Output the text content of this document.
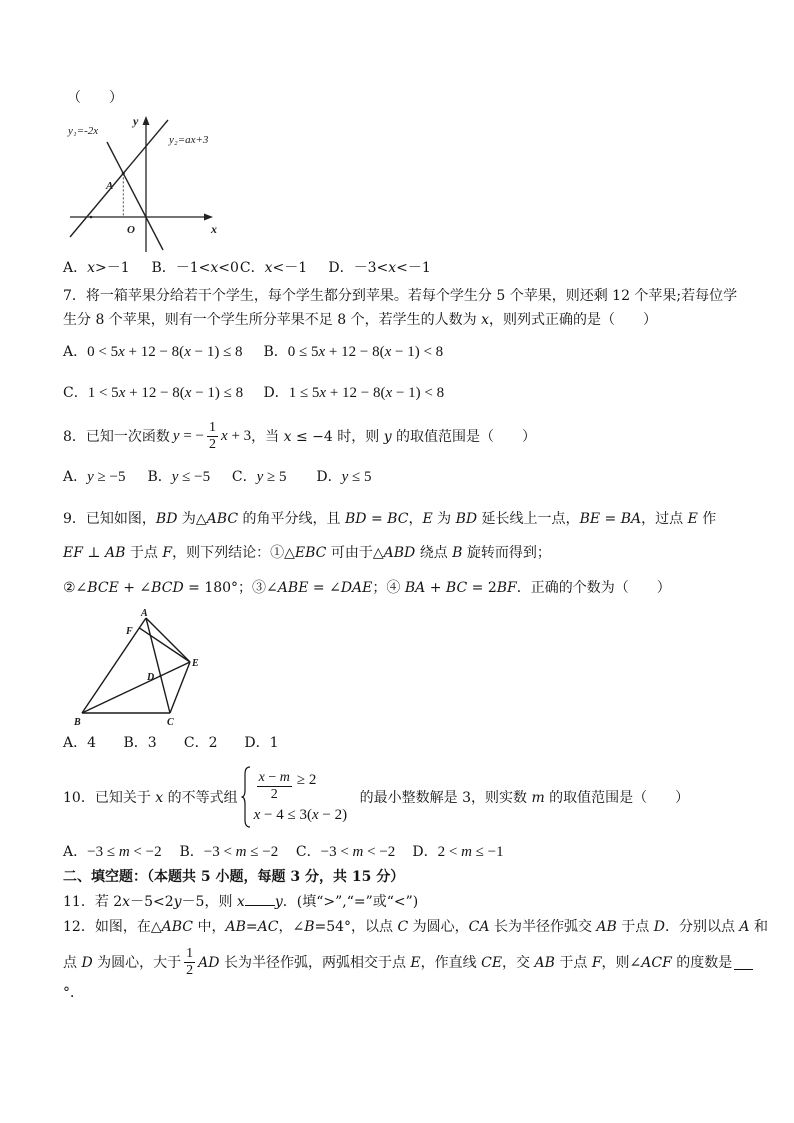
（　　）
y₁=-2x
y₂=ax+3
y
x
A
O
A．x>－1 B．－1<x<0 C．x<－1 D．－3<x<－1
7．将一箱苹果分给若干个学生，每个学生都分到苹果。若每个学生分 5 个苹果，则还剩 12 个苹果;若每位学
生分 8 个苹果，则有一个学生所分苹果不足 8 个，若学生的人数为 x，则列式正确的是（　　）
A．0 < 5x + 12 − 8(x − 1) ≤ 8 B．0 ≤ 5x + 12 − 8(x − 1) < 8
C．1 < 5x + 12 − 8(x − 1) ≤ 8 D．1 ≤ 5x + 12 − 8(x − 1) < 8
8．已知一次函数 y = − $\frac{1}{2}$ x + 3 ，当 x ≤ −4 时，则 y 的取值范围是（　　）
A．y ≥ −5 B．y ≤ −5 C．y ≥ 5 D．y ≤ 5
9．已知如图，BD 为△ABC 的角平分线，且 BD = BC，E 为 BD 延长线上一点，BE = BA，过点 E 作
EF ⊥ AB 于点 F，则下列结论：①△EBC 可由于△ABD 绕点 B 旋转而得到；
②∠BCE + ∠BCD = 180°；③∠ABE = ∠DAE；④ BA + BC = 2BF．正确的个数为（　　）
A
F
E
D
B	C
A．4 B．3 C．2 D．1
10．已知关于 x 的不等式组 $\frac{x - m}{2} \ge 2$
x − 4 ≤ 3(x − 2)
的最小整数解是 3，则实数 m 的取值范围是（　　）
A．−3 ≤ m < −2 B．−3 < m ≤ −2 C．−3 < m < −2 D．2 < m ≤ −1
二、填空题：（本题共 5 小题，每题 3 分，共 15 分）
11．若 2x－5<2y－5，则 x y．(填“>”,“=”或“<”)
12．如图，在△ABC 中，AB=AC，∠B=54°，以点 C 为圆心，CA 长为半径作弧交 AB 于点 D．分别以点 A 和
点 D 为圆心，大于 $\frac{1}{2}$ AD 长为半径作弧，两弧相交于点 E，作直线 CE，交 AB 于点 F，则∠ACF 的度数是
°．
